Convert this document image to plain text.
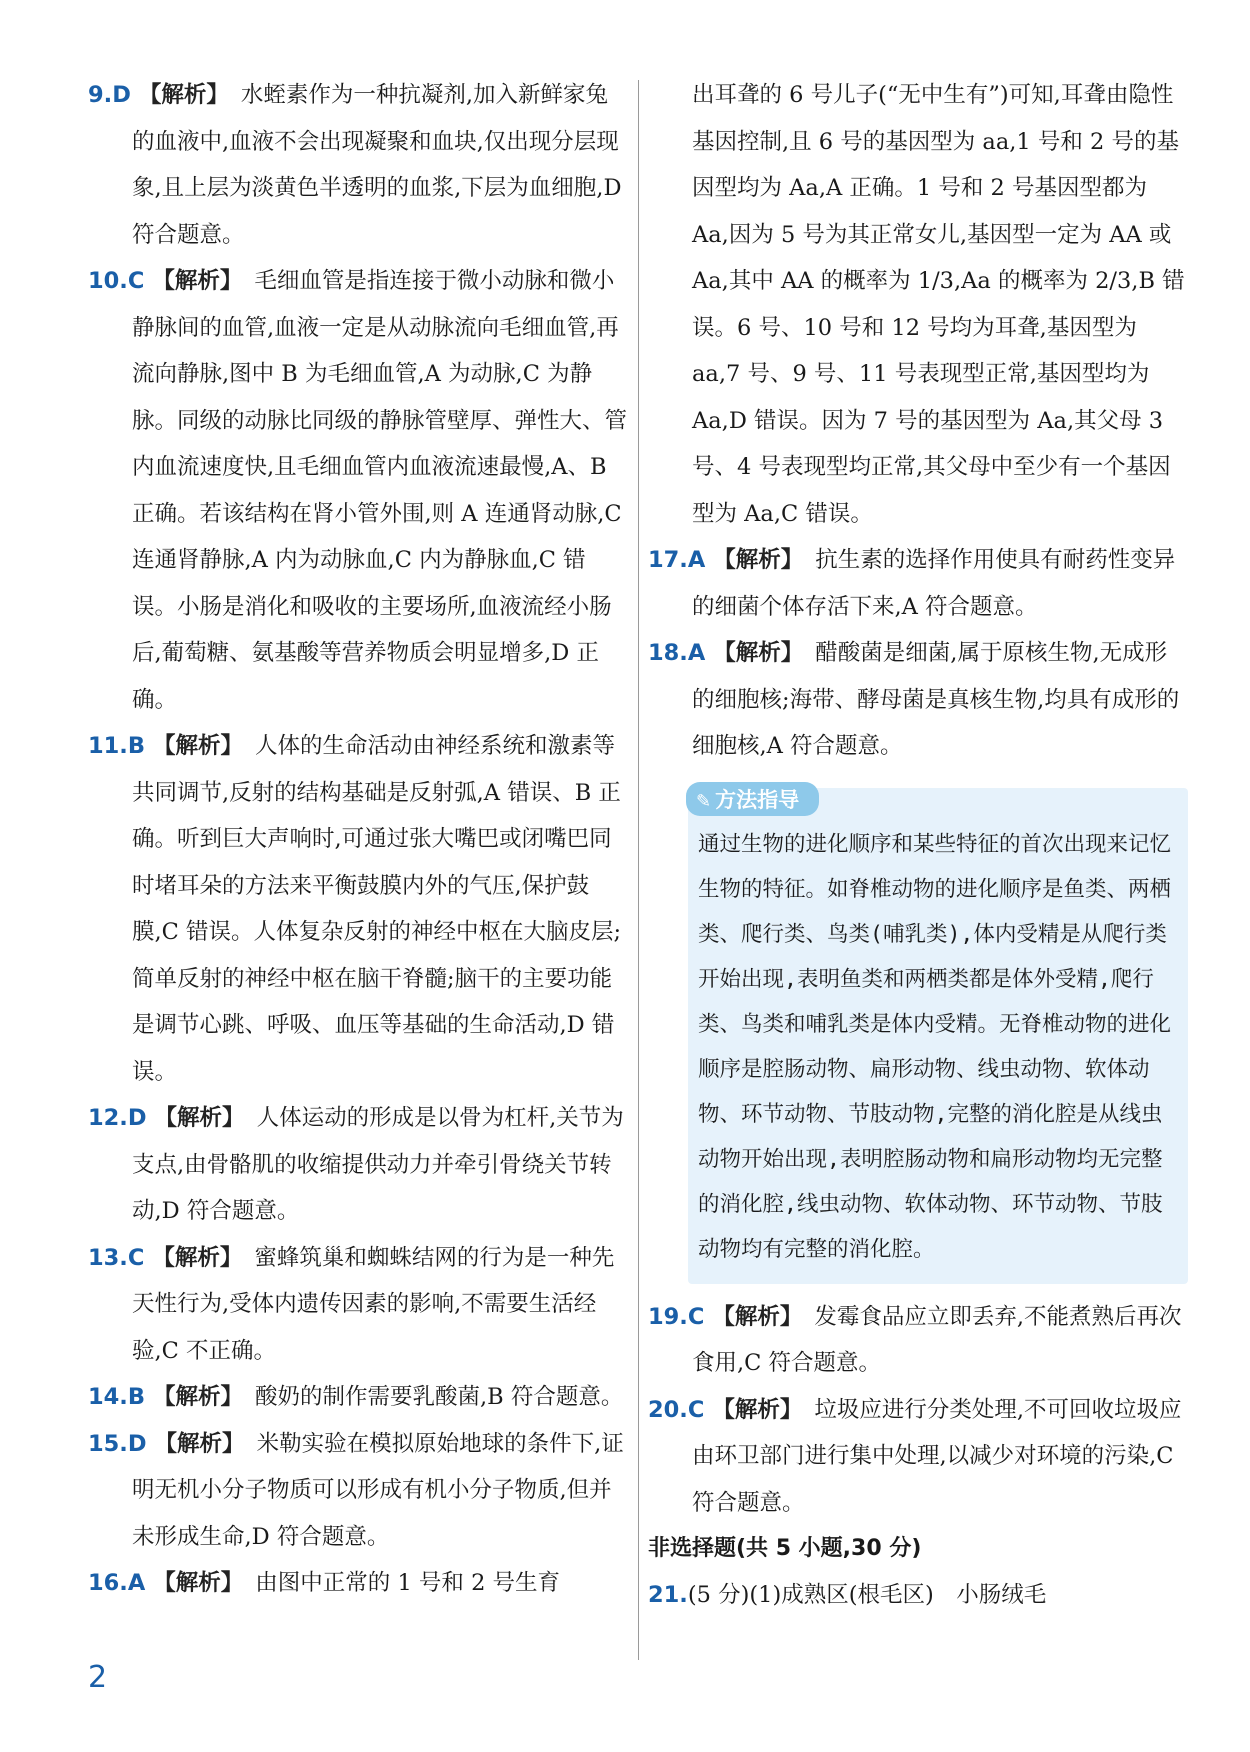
9.D 【解析】 水蛭素作为一种抗凝剂,加入新鲜家兔的血液中,血液不会出现凝聚和血块,仅出现分层现象,且上层为淡黄色半透明的血浆,下层为血细胞,D 符合题意。

10.C 【解析】 毛细血管是指连接于微小动脉和微小静脉间的血管,血液一定是从动脉流向毛细血管,再流向静脉,图中 B 为毛细血管,A 为动脉,C 为静脉。同级的动脉比同级的静脉管壁厚、弹性大、管内血流速度快,且毛细血管内血液流速最慢,A、B 正确。若该结构在肾小管外围,则 A 连通肾动脉,C 连通肾静脉,A 内为动脉血,C 内为静脉血,C 错误。小肠是消化和吸收的主要场所,血液流经小肠后,葡萄糖、氨基酸等营养物质会明显增多,D 正确。

11.B 【解析】 人体的生命活动由神经系统和激素等共同调节,反射的结构基础是反射弧,A 错误、B 正确。听到巨大声响时,可通过张大嘴巴或闭嘴巴同时堵耳朵的方法来平衡鼓膜内外的气压,保护鼓膜,C 错误。人体复杂反射的神经中枢在大脑皮层;简单反射的神经中枢在脑干脊髓;脑干的主要功能是调节心跳、呼吸、血压等基础的生命活动,D 错误。

12.D 【解析】 人体运动的形成是以骨为杠杆,关节为支点,由骨骼肌的收缩提供动力并牵引骨绕关节转动,D 符合题意。

13.C 【解析】 蜜蜂筑巢和蜘蛛结网的行为是一种先天性行为,受体内遗传因素的影响,不需要生活经验,C 不正确。

14.B 【解析】 酸奶的制作需要乳酸菌,B 符合题意。

15.D 【解析】 米勒实验在模拟原始地球的条件下,证明无机小分子物质可以形成有机小分子物质,但并未形成生命,D 符合题意。

16.A 【解析】 由图中正常的 1 号和 2 号生育

出耳聋的 6 号儿子(“无中生有”)可知,耳聋由隐性基因控制,且 6 号的基因型为 aa,1 号和 2 号的基因型均为 Aa,A 正确。1 号和 2 号基因型都为 Aa,因为 5 号为其正常女儿,基因型一定为 AA 或 Aa,其中 AA 的概率为 1/3,Aa 的概率为 2/3,B 错误。6 号、10 号和 12 号均为耳聋,基因型为 aa,7 号、9 号、11 号表现型正常,基因型均为 Aa,D 错误。因为 7 号的基因型为 Aa,其父母 3 号、4 号表现型均正常,其父母中至少有一个基因型为 Aa,C 错误。

17.A 【解析】 抗生素的选择作用使具有耐药性变异的细菌个体存活下来,A 符合题意。

18.A 【解析】 醋酸菌是细菌,属于原核生物,无成形的细胞核;海带、酵母菌是真核生物,均具有成形的细胞核,A 符合题意。

✎ 方法指导
通过生物的进化顺序和某些特征的首次出现来记忆生物的特征。如脊椎动物的进化顺序是鱼类、两栖类、爬行类、鸟类(哺乳类),体内受精是从爬行类开始出现,表明鱼类和两栖类都是体外受精,爬行类、鸟类和哺乳类是体内受精。无脊椎动物的进化顺序是腔肠动物、扁形动物、线虫动物、软体动物、环节动物、节肢动物,完整的消化腔是从线虫动物开始出现,表明腔肠动物和扁形动物均无完整的消化腔,线虫动物、软体动物、环节动物、节肢动物均有完整的消化腔。

19.C 【解析】 发霉食品应立即丢弃,不能煮熟后再次食用,C 符合题意。

20.C 【解析】 垃圾应进行分类处理,不可回收垃圾应由环卫部门进行集中处理,以减少对环境的污染,C 符合题意。

非选择题(共 5 小题,30 分)

21.(5 分)(1)成熟区(根毛区)　小肠绒毛

2
